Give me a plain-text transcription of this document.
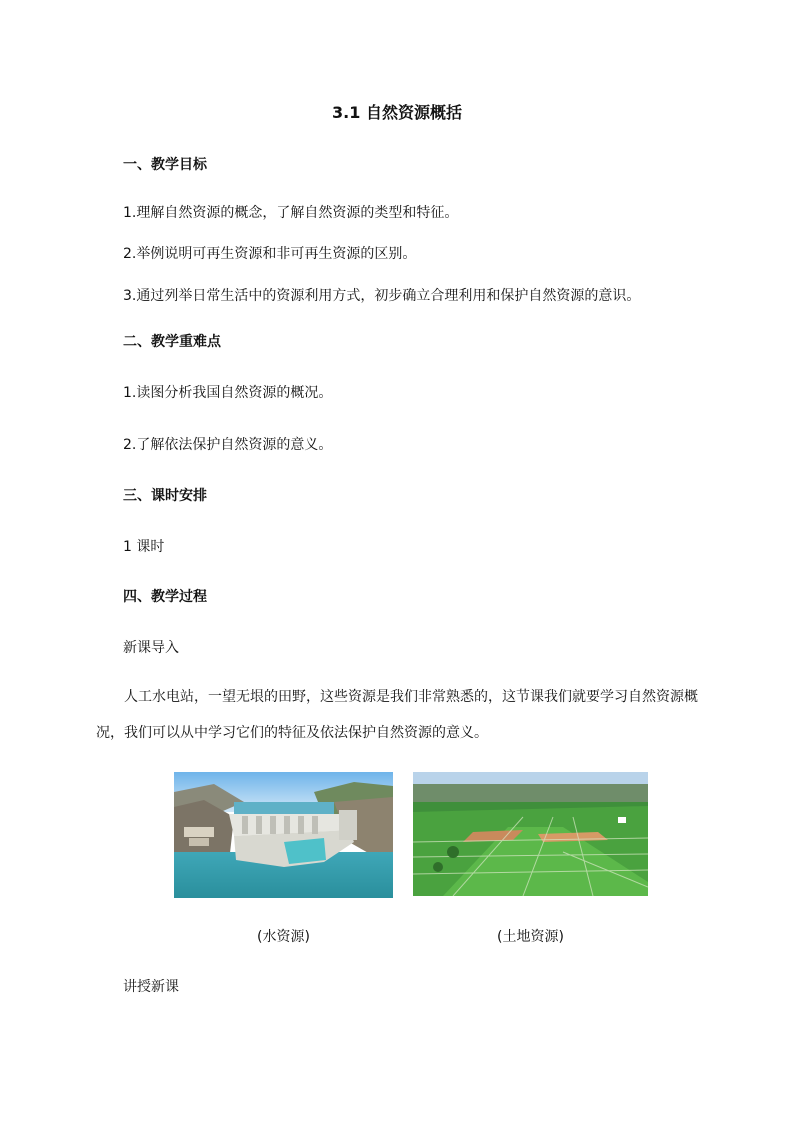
3.1 自然资源概括
一、教学目标
1.理解自然资源的概念，了解自然资源的类型和特征。
2.举例说明可再生资源和非可再生资源的区别。
3.通过列举日常生活中的资源利用方式，初步确立合理利用和保护自然资源的意识。
二、教学重难点
1.读图分析我国自然资源的概况。
2.了解依法保护自然资源的意义。
三、课时安排
1 课时
四、教学过程
新课导入
人工水电站，一望无垠的田野，这些资源是我们非常熟悉的，这节课我们就要学习自然资源概况，我们可以从中学习它们的特征及依法保护自然资源的意义。
(水资源)	(土地资源)
讲授新课
